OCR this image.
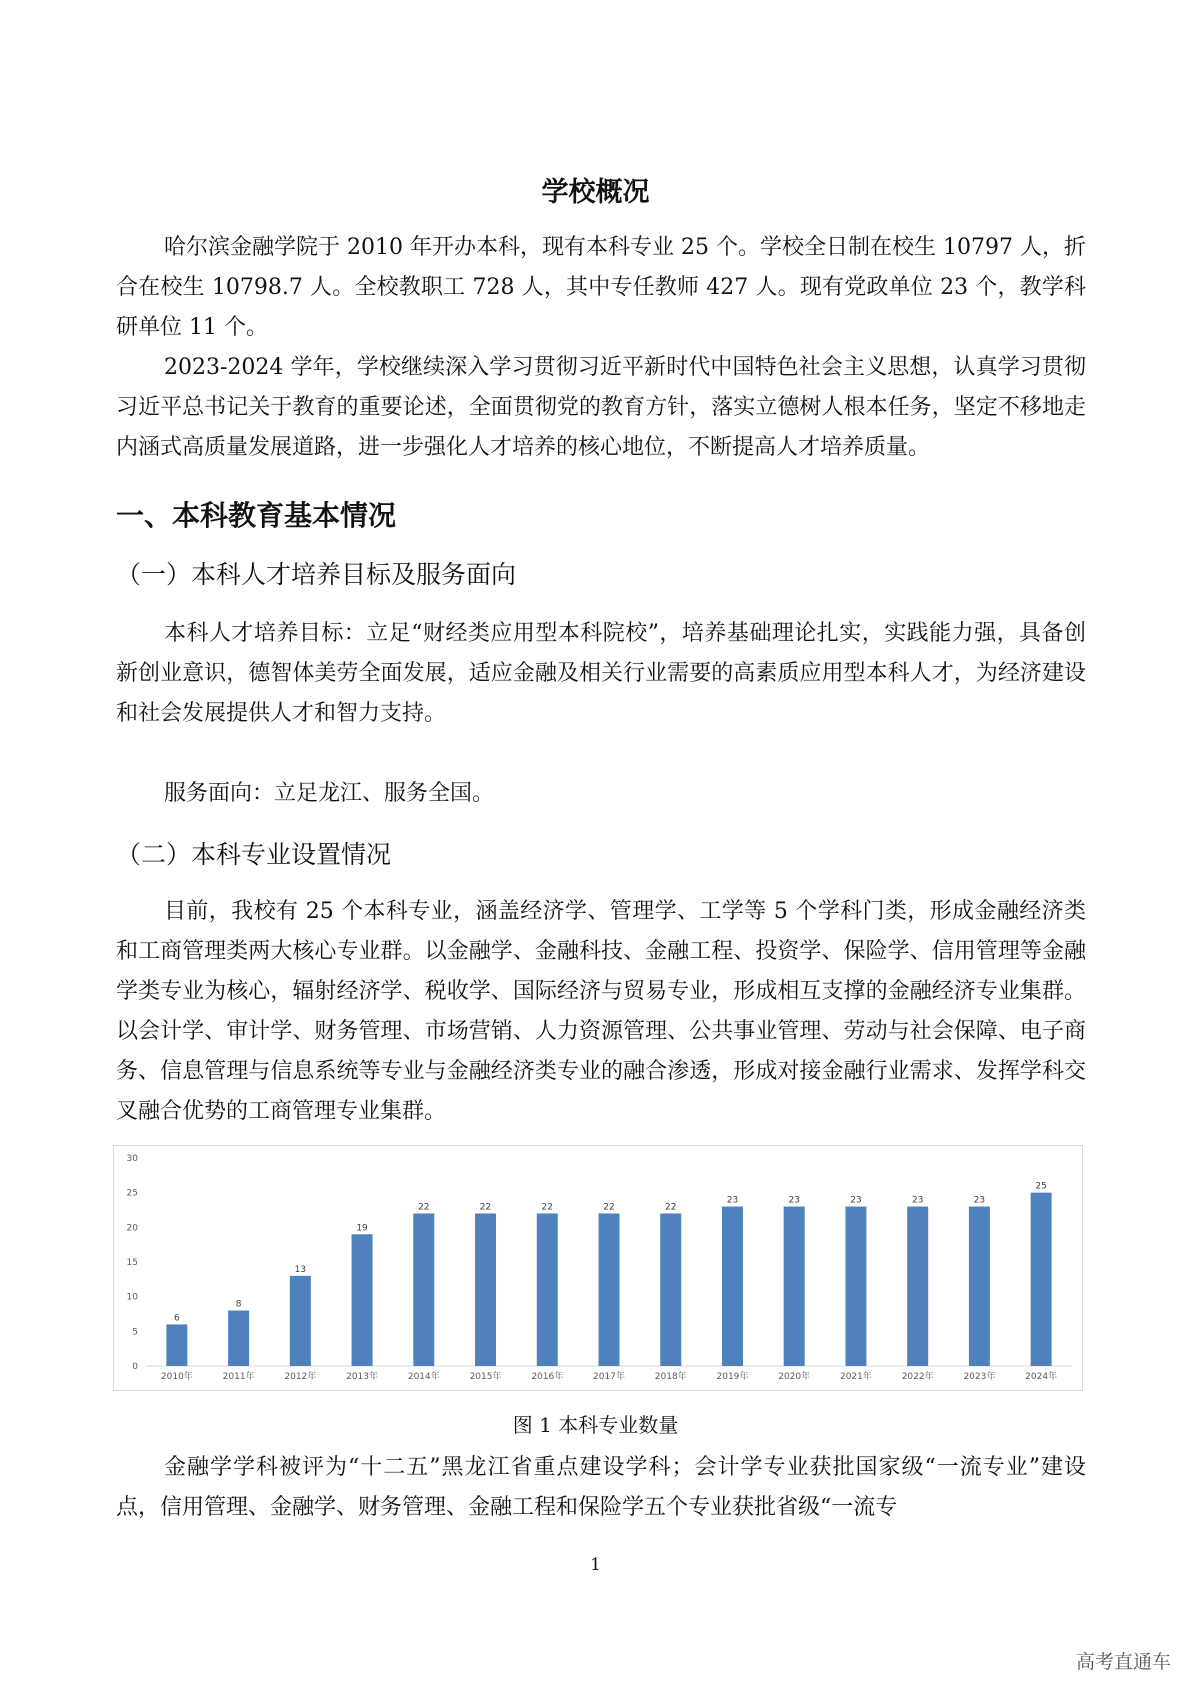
学校概况

哈尔滨金融学院于 2010 年开办本科，现有本科专业 25 个。学校全日制在校生 10797 人，折合在校生 10798.7 人。全校教职工 728 人，其中专任教师 427 人。现有党政单位 23 个，教学科研单位 11 个。

2023-2024 学年，学校继续深入学习贯彻习近平新时代中国特色社会主义思想，认真学习贯彻习近平总书记关于教育的重要论述，全面贯彻党的教育方针，落实立德树人根本任务，坚定不移地走内涵式高质量发展道路，进一步强化人才培养的核心地位，不断提高人才培养质量。

一、本科教育基本情况
（一）本科人才培养目标及服务面向

本科人才培养目标：立足“财经类应用型本科院校”，培养基础理论扎实，实践能力强，具备创新创业意识，德智体美劳全面发展，适应金融及相关行业需要的高素质应用型本科人才，为经济建设和社会发展提供人才和智力支持。

服务面向：立足龙江、服务全国。

（二）本科专业设置情况

目前，我校有 25 个本科专业，涵盖经济学、管理学、工学等 5 个学科门类，形成金融经济类和工商管理类两大核心专业群。以金融学、金融科技、金融工程、投资学、保险学、信用管理等金融学类专业为核心，辐射经济学、税收学、国际经济与贸易专业，形成相互支撑的金融经济专业集群。以会计学、审计学、财务管理、市场营销、人力资源管理、公共事业管理、劳动与社会保障、电子商务、信息管理与信息系统等专业与金融经济类专业的融合渗透，形成对接金融行业需求、发挥学科交叉融合优势的工商管理专业集群。

0
5
10
15
20
25
30
6
2010年
8
2011年
13
2012年
19
2013年
22
2014年
22
2015年
22
2016年
22
2017年
22
2018年
23
2019年
23
2020年
23
2021年
23
2022年
23
2023年
25
2024年
图 1 本科专业数量

金融学学科被评为“十二五”黑龙江省重点建设学科；会计学专业获批国家级“一流专业”建设点，信用管理、金融学、财务管理、金融工程和保险学五个专业获批省级“一流专

1
高考直通车
